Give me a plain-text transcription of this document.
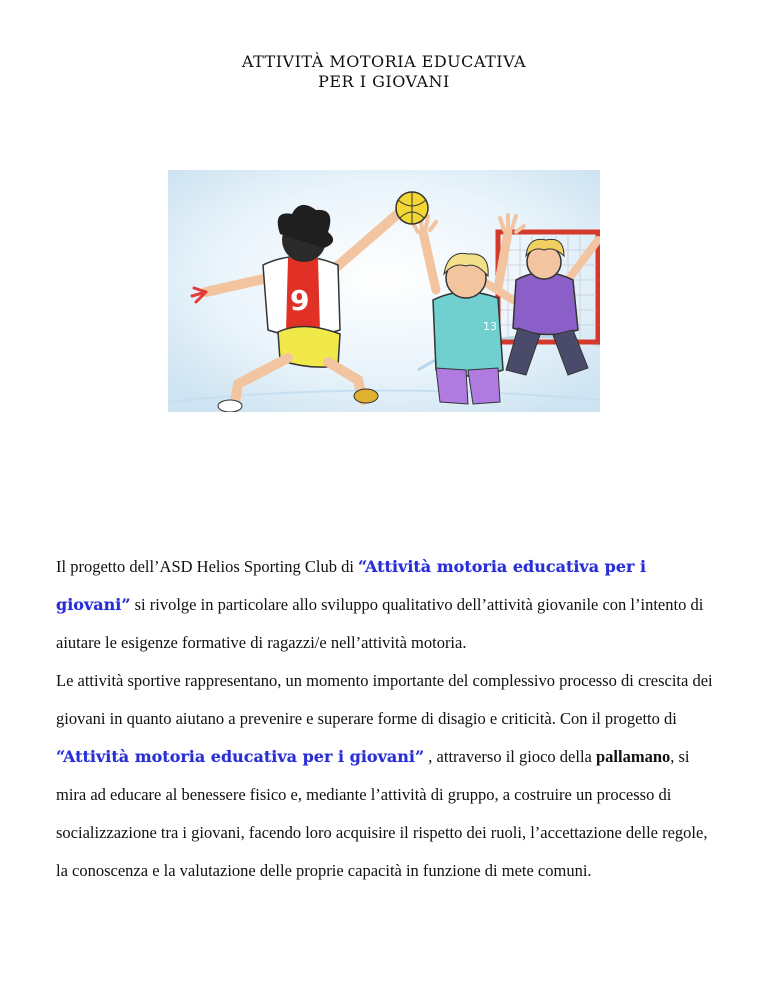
ATTIVITÀ MOTORIA EDUCATIVA
PER I GIOVANI
13
9

Il progetto dell’ASD Helios Sporting Club di “Attività motoria educativa per i giovani” si rivolge in particolare allo sviluppo qualitativo dell’attività giovanile con l’intento di aiutare le esigenze formative di ragazzi/e nell’attività motoria.

Le attività sportive rappresentano, un momento importante del complessivo processo di crescita dei giovani in quanto aiutano a prevenire e superare forme di disagio e criticità. Con il progetto di “Attività motoria educativa per i giovani” , attraverso il gioco della pallamano, si mira ad educare al benessere fisico e, mediante l’attività di gruppo, a costruire un processo di socializzazione tra i giovani, facendo loro acquisire il rispetto dei ruoli, l’accettazione delle regole, la conoscenza e la valutazione delle proprie capacità in funzione di mete comuni.
